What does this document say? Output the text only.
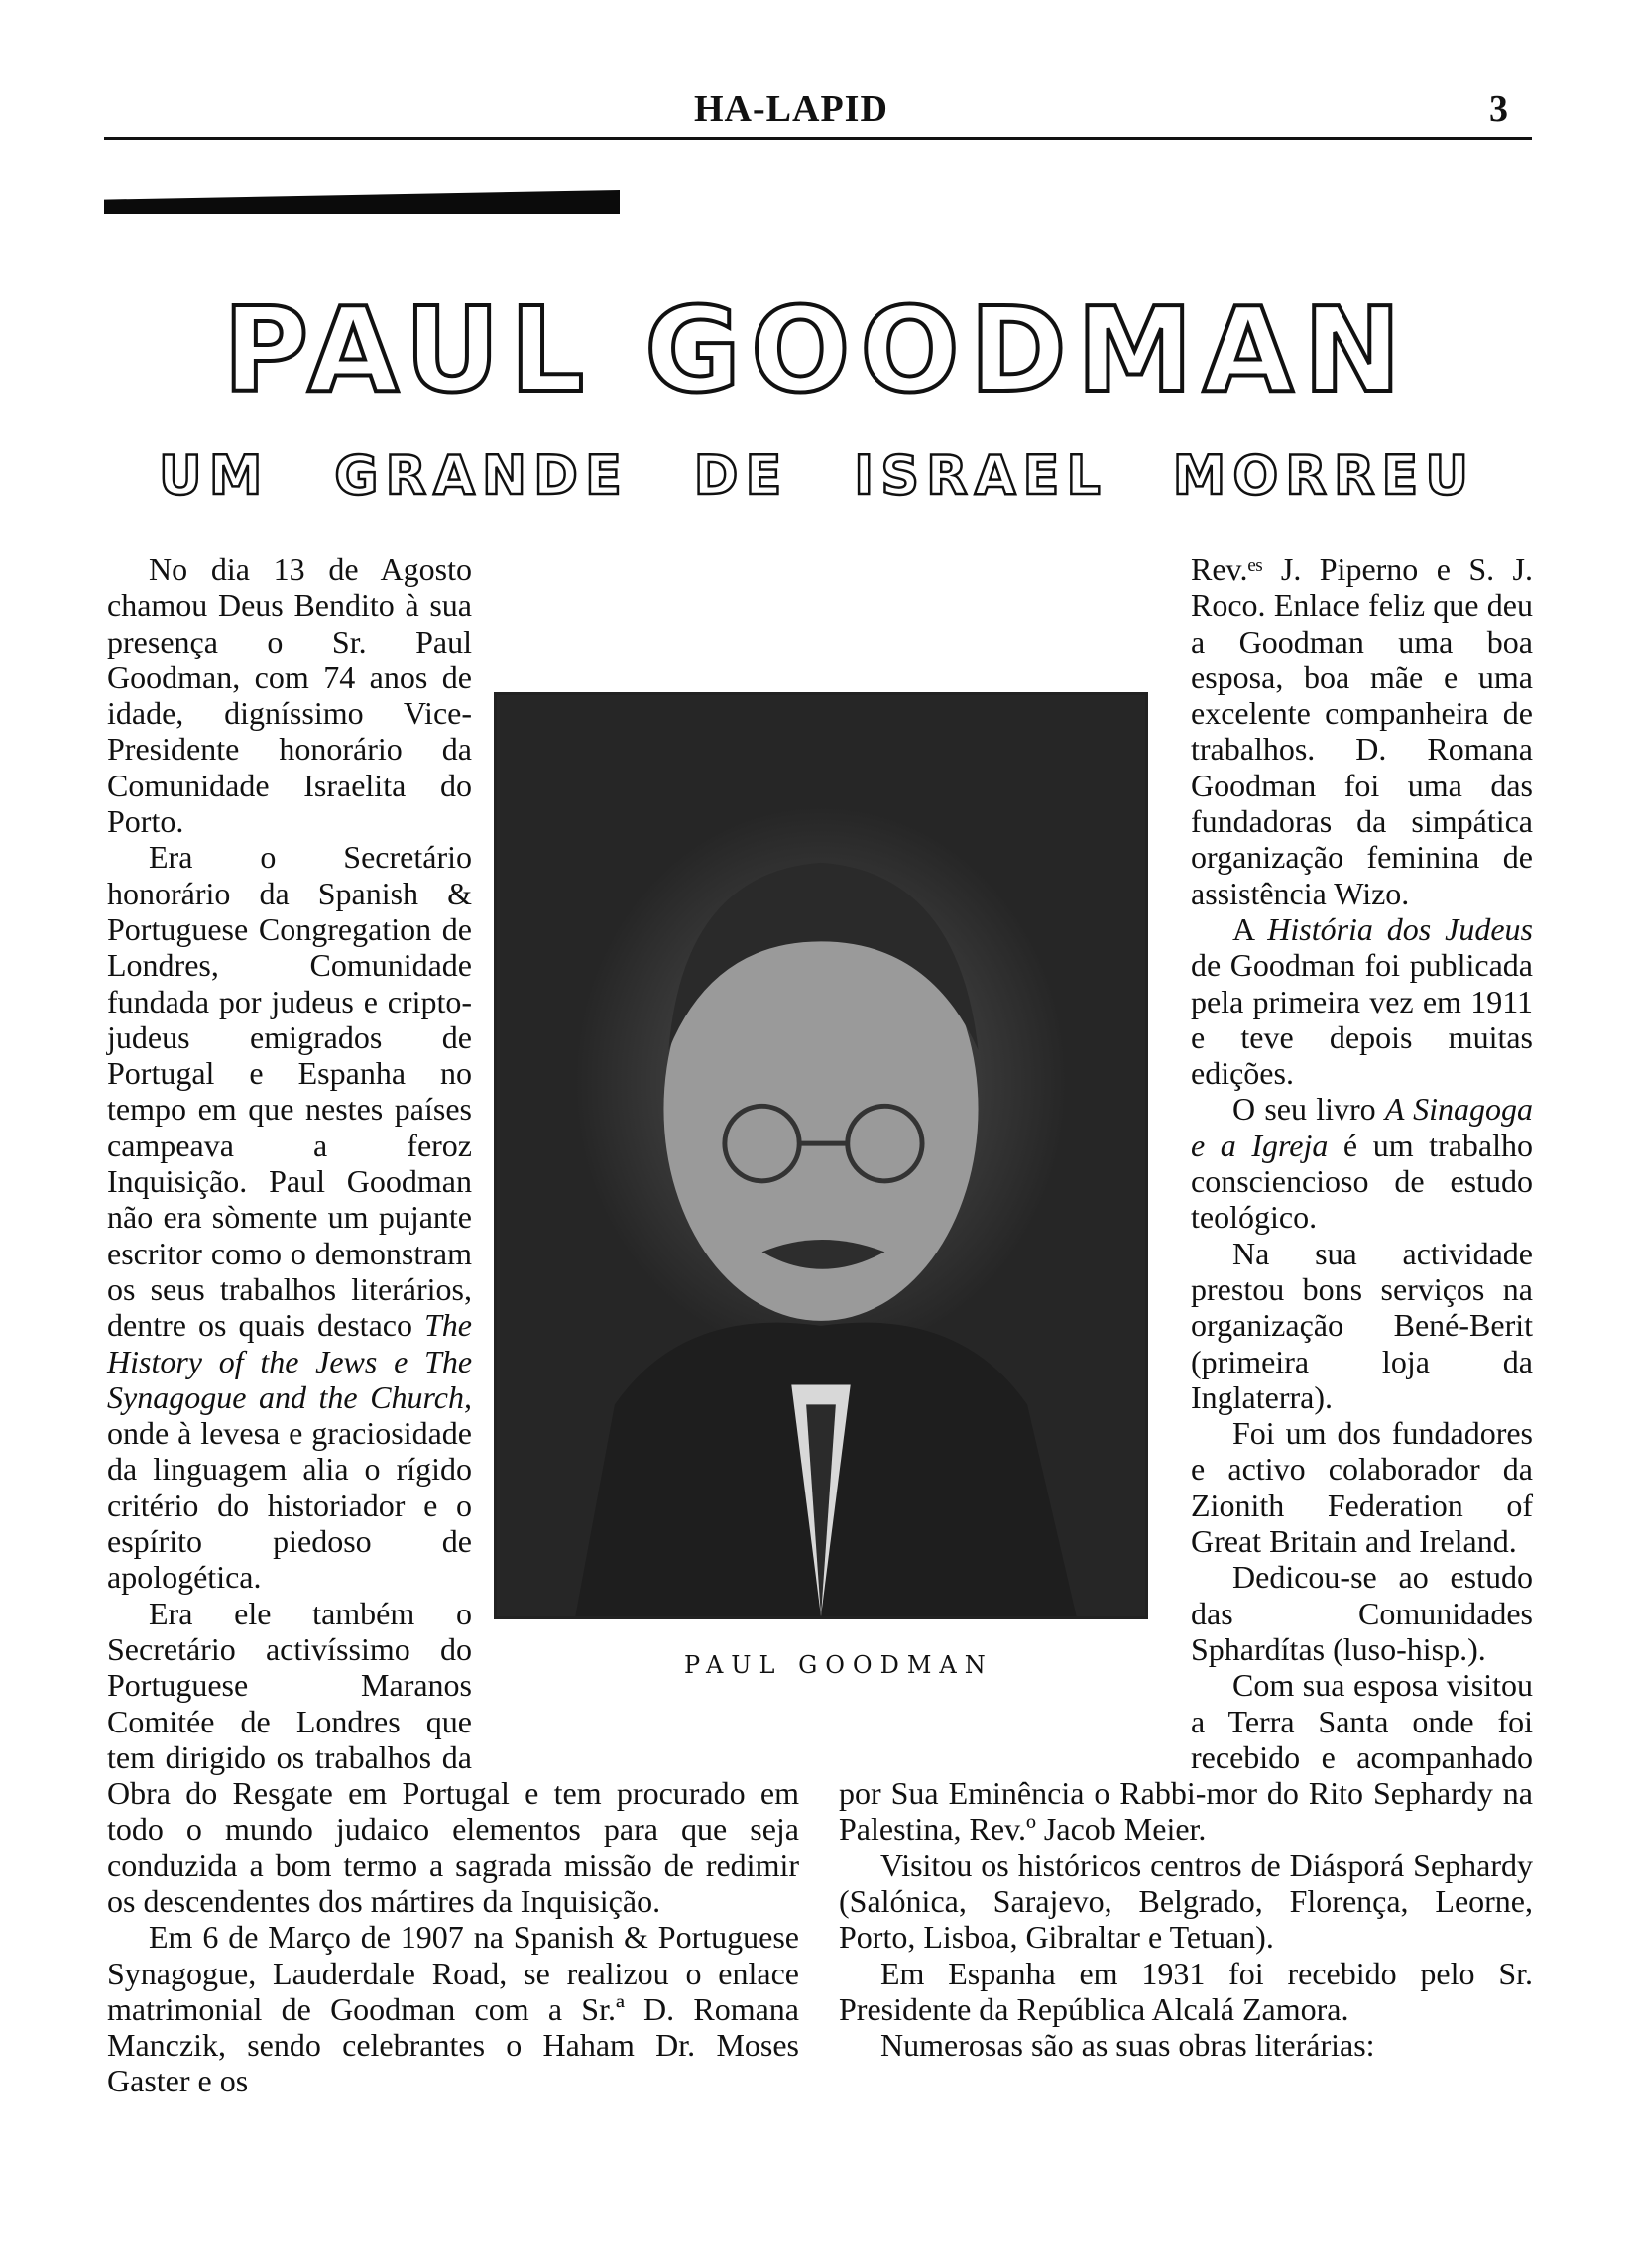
HA-LAPID	3
PAUL GOODMAN
UM GRANDE DE ISRAEL MORREU

No dia 13 de Agosto chamou Deus Bendito à sua presença o Sr. Paul Goodman, com 74 anos de idade, digníssimo Vice-Presidente honorário da Comunidade Israelita do Porto.

Era o Secretário honorário da Spanish & Portuguese Congregation de Londres, Comunidade fundada por judeus e cripto-judeus emigrados de Portugal e Espanha no tempo em que nestes países campeava a feroz Inquisição. Paul Goodman não era sòmente um pujante escritor como o demonstram os seus trabalhos literários, dentre os quais destaco The History of the Jews e The Synagogue and the Church, onde à levesa e graciosidade da linguagem alia o rígido critério do historiador e o espírito piedoso de apologética.

Era ele também o Secretário activíssimo do Portuguese Maranos Comitée de Londres que tem dirigido os trabalhos da Obra do Resgate em Portugal e tem procurado em todo o mundo judaico elementos para que seja conduzida a bom termo a sagrada missão de redimir os descendentes dos mártires da Inquisição.

Em 6 de Março de 1907 na Spanish & Portuguese Synagogue, Lauderdale Road, se realizou o enlace matrimonial de Goodman com a Sr.ª D. Romana Manczik, sendo celebrantes o Haham Dr. Moses Gaster e os

Rev.ᵉˢ J. Piperno e S. J. Roco. Enlace feliz que deu a Goodman uma boa esposa, boa mãe e uma excelente companheira de trabalhos. D. Romana Goodman foi uma das fundadoras da simpática organização feminina de assistência Wizo.

A História dos Judeus de Goodman foi publicada pela primeira vez em 1911 e teve depois muitas edições.

O seu livro A Sinagoga e a Igreja é um trabalho consciencioso de estudo teológico.

Na sua actividade prestou bons serviços na organização Bené-Berit (primeira loja da Inglaterra).

Foi um dos fundadores e activo colaborador da Zionith Federation of Great Britain and Ireland.

Dedicou-se ao estudo das Comunidades Sphardítas (luso-hisp.).

Com sua esposa visitou a Terra Santa onde foi recebido e acompanhado por Sua Eminência o Rabbi-mor do Rito Sephardy na Palestina, Rev.º Jacob Meier.

Visitou os históricos centros de Diásporá Sephardy (Salónica, Sarajevo, Belgrado, Florença, Leorne, Porto, Lisboa, Gibraltar e Tetuan).

Em Espanha em 1931 foi recebido pelo Sr. Presidente da República Alcalá Zamora.

Numerosas são as suas obras literárias:

PAUL GOODMAN
